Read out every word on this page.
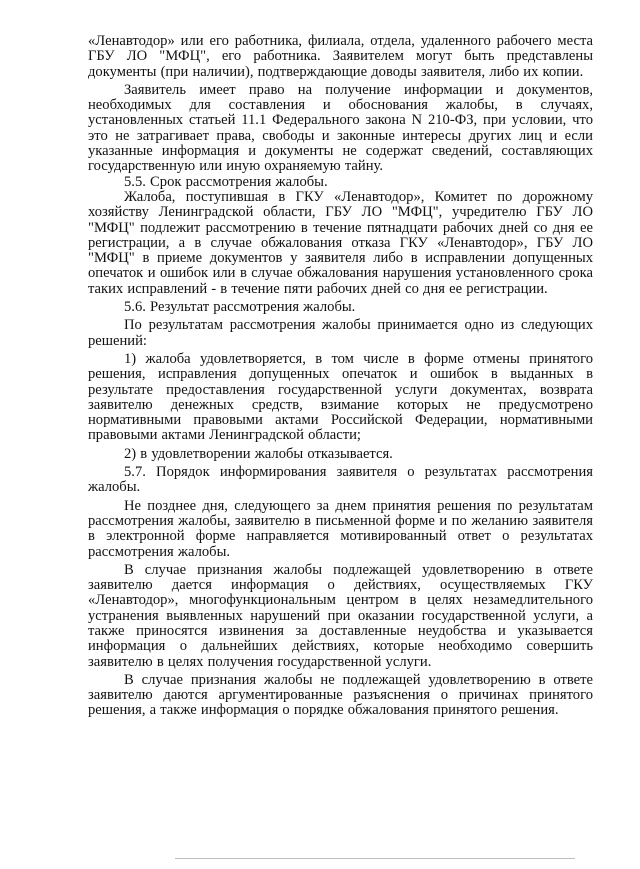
«Ленавтодор» или его работника, филиала, отдела, удаленного рабочего места ГБУ ЛО "МФЦ", его работника. Заявителем могут быть представлены документы (при наличии), подтверждающие доводы заявителя, либо их копии.

Заявитель имеет право на получение информации и документов, необходимых для составления и обоснования жалобы, в случаях, установленных статьей 11.1 Федерального закона N 210-ФЗ, при условии, что это не затрагивает права, свободы и законные интересы других лиц и если указанные информация и документы не содержат сведений, составляющих государственную или иную охраняемую тайну.

5.5. Срок рассмотрения жалобы.

Жалоба, поступившая в ГКУ «Ленавтодор», Комитет по дорожному хозяйству Ленинградской области, ГБУ ЛО "МФЦ", учредителю ГБУ ЛО "МФЦ" подлежит рассмотрению в течение пятнадцати рабочих дней со дня ее регистрации, а в случае обжалования отказа ГКУ «Ленавтодор», ГБУ ЛО "МФЦ" в приеме документов у заявителя либо в исправлении допущенных опечаток и ошибок или в случае обжалования нарушения установленного срока таких исправлений - в течение пяти рабочих дней со дня ее регистрации.

5.6. Результат рассмотрения жалобы.

По результатам рассмотрения жалобы принимается одно из следующих решений:

1) жалоба удовлетворяется, в том числе в форме отмены принятого решения, исправления допущенных опечаток и ошибок в выданных в результате предоставления государственной услуги документах, возврата заявителю денежных средств, взимание которых не предусмотрено нормативными правовыми актами Российской Федерации, нормативными правовыми актами Ленинградской области;

2) в удовлетворении жалобы отказывается.

5.7. Порядок информирования заявителя о результатах рассмотрения жалобы.

Не позднее дня, следующего за днем принятия решения по результатам рассмотрения жалобы, заявителю в письменной форме и по желанию заявителя в электронной форме направляется мотивированный ответ о результатах рассмотрения жалобы.

В случае признания жалобы подлежащей удовлетворению в ответе заявителю дается информация о действиях, осуществляемых ГКУ «Ленавтодор», многофункциональным центром в целях незамедлительного устранения выявленных нарушений при оказании государственной услуги, а также приносятся извинения за доставленные неудобства и указывается информация о дальнейших действиях, которые необходимо совершить заявителю в целях получения государственной услуги.

В случае признания жалобы не подлежащей удовлетворению в ответе заявителю даются аргументированные разъяснения о причинах принятого решения, а также информация о порядке обжалования принятого решения.
